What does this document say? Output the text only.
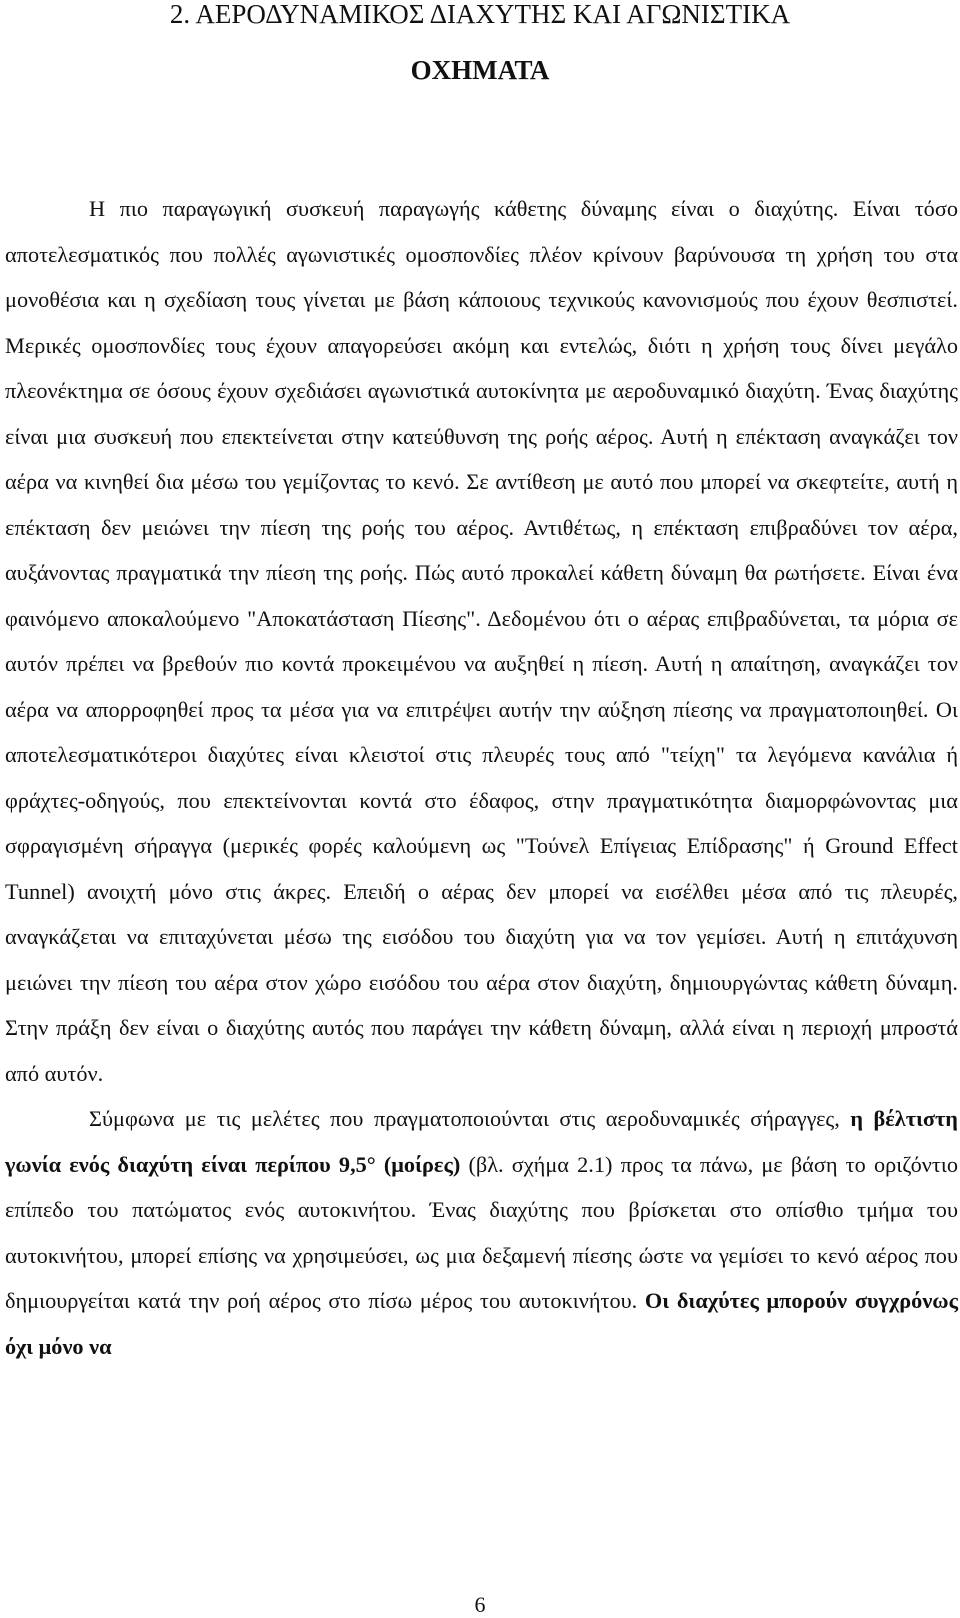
2. ΑΕΡΟΔΥΝΑΜΙΚΟΣ ΔΙΑΧΥΤΗΣ ΚΑΙ ΑΓΩΝΙΣΤΙΚΑ
ΟΧΗΜΑΤΑ

Η πιο παραγωγική συσκευή παραγωγής κάθετης δύναμης είναι ο διαχύτης. Είναι τόσο αποτελεσματικός που πολλές αγωνιστικές ομοσπονδίες πλέον κρίνουν βαρύνουσα τη χρήση του στα μονοθέσια και η σχεδίαση τους γίνεται με βάση κάποιους τεχνικούς κανονισμούς που έχουν θεσπιστεί. Μερικές ομοσπονδίες τους έχουν απαγορεύσει ακόμη και εντελώς, διότι η χρήση τους δίνει μεγάλο πλεονέκτημα σε όσους έχουν σχεδιάσει αγωνιστικά αυτοκίνητα με αεροδυναμικό διαχύτη. Ένας διαχύτης είναι μια συσκευή που επεκτείνεται στην κατεύθυνση της ροής αέρος. Αυτή η επέκταση αναγκάζει τον αέρα να κινηθεί δια μέσω του γεμίζοντας το κενό. Σε αντίθεση με αυτό που μπορεί να σκεφτείτε, αυτή η επέκταση δεν μειώνει την πίεση της ροής του αέρος. Αντιθέτως, η επέκταση επιβραδύνει τον αέρα, αυξάνοντας πραγματικά την πίεση της ροής. Πώς αυτό προκαλεί κάθετη δύναμη θα ρωτήσετε. Είναι ένα φαινόμενο αποκαλούμενο "Αποκατάσταση Πίεσης". Δεδομένου ότι ο αέρας επιβραδύνεται, τα μόρια σε αυτόν πρέπει να βρεθούν πιο κοντά προκειμένου να αυξηθεί η πίεση. Αυτή η απαίτηση, αναγκάζει τον αέρα να απορροφηθεί προς τα μέσα για να επιτρέψει αυτήν την αύξηση πίεσης να πραγματοποιηθεί. Οι αποτελεσματικότεροι διαχύτες είναι κλειστοί στις πλευρές τους από "τείχη" τα λεγόμενα κανάλια ή φράχτες-οδηγούς, που επεκτείνονται κοντά στο έδαφος, στην πραγματικότητα διαμορφώνοντας μια σφραγισμένη σήραγγα (μερικές φορές καλούμενη ως "Τούνελ Επίγειας Επίδρασης" ή Ground Effect Tunnel) ανοιχτή μόνο στις άκρες. Επειδή ο αέρας δεν μπορεί να εισέλθει μέσα από τις πλευρές, αναγκάζεται να επιταχύνεται μέσω της εισόδου του διαχύτη για να τον γεμίσει. Αυτή η επιτάχυνση μειώνει την πίεση του αέρα στον χώρο εισόδου του αέρα στον διαχύτη, δημιουργώντας κάθετη δύναμη. Στην πράξη δεν είναι ο διαχύτης αυτός που παράγει την κάθετη δύναμη, αλλά είναι η περιοχή μπροστά από αυτόν.

Σύμφωνα με τις μελέτες που πραγματοποιούνται στις αεροδυναμικές σήραγγες, η βέλτιστη γωνία ενός διαχύτη είναι περίπου 9,5° (μοίρες) (βλ. σχήμα 2.1) προς τα πάνω, με βάση το οριζόντιο επίπεδο του πατώματος ενός αυτοκινήτου. Ένας διαχύτης που βρίσκεται στο οπίσθιο τμήμα του αυτοκινήτου, μπορεί επίσης να χρησιμεύσει, ως μια δεξαμενή πίεσης ώστε να γεμίσει το κενό αέρος που δημιουργείται κατά την ροή αέρος στο πίσω μέρος του αυτοκινήτου. Οι διαχύτες μπορούν συγχρόνως όχι μόνο να

6
